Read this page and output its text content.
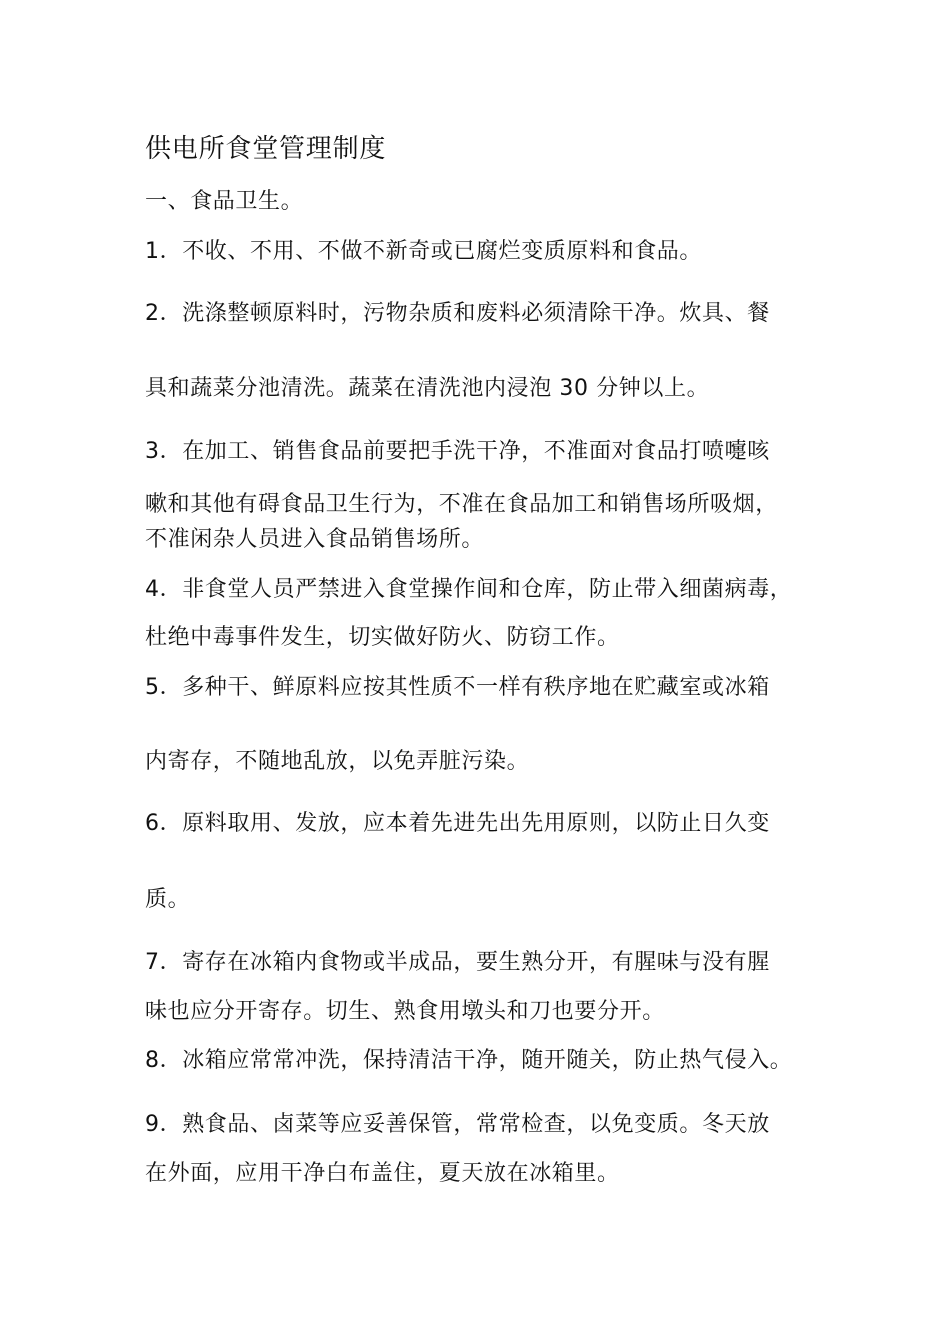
供电所食堂管理制度

一、食品卫生。

1．不收、不用、不做不新奇或已腐烂变质原料和食品。

2．洗涤整顿原料时，污物杂质和废料必须清除干净。炊具、餐

具和蔬菜分池清洗。蔬菜在清洗池内浸泡 30 分钟以上。

3．在加工、销售食品前要把手洗干净，不准面对食品打喷嚏咳

嗽和其他有碍食品卫生行为，不准在食品加工和销售场所吸烟，

不准闲杂人员进入食品销售场所。

4．非食堂人员严禁进入食堂操作间和仓库，防止带入细菌病毒，

杜绝中毒事件发生，切实做好防火、防窃工作。

5．多种干、鲜原料应按其性质不一样有秩序地在贮藏室或冰箱

内寄存，不随地乱放，以免弄脏污染。

6．原料取用、发放，应本着先进先出先用原则，以防止日久变

质。

7．寄存在冰箱内食物或半成品，要生熟分开，有腥味与没有腥

味也应分开寄存。切生、熟食用墩头和刀也要分开。

8．冰箱应常常冲洗，保持清洁干净，随开随关，防止热气侵入。

9．熟食品、卤菜等应妥善保管，常常检查，以免变质。冬天放

在外面，应用干净白布盖住，夏天放在冰箱里。
